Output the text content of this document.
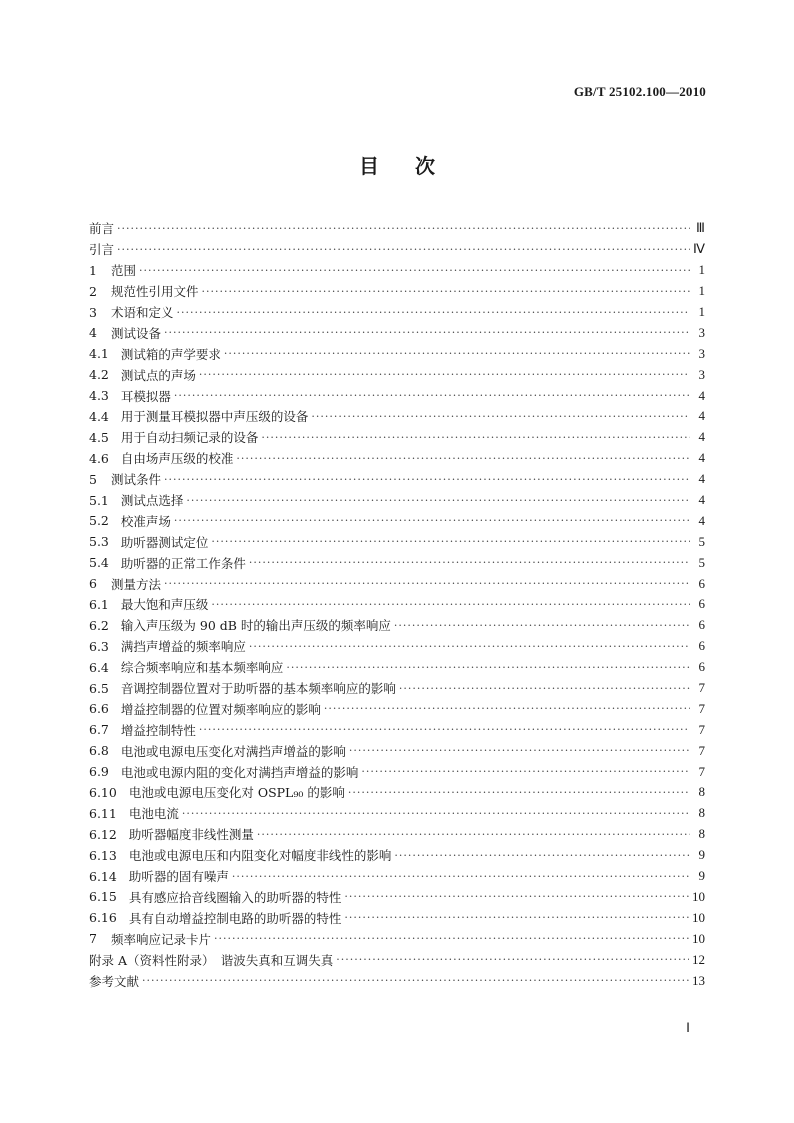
GB/T 25102.100—2010
目 次
前言 ·····	Ⅲ
引言 ·····	Ⅳ
1 范围 ·····	1
2 规范性引用文件 ·····	1
3 术语和定义 ·····	1
4 测试设备 ·····	3
4.1 测试箱的声学要求 ·····	3
4.2 测试点的声场 ·····	3
4.3 耳模拟器 ·····	4
4.4 用于测量耳模拟器中声压级的设备 ·····	4
4.5 用于自动扫频记录的设备 ·····	4
4.6 自由场声压级的校准 ·····	4
5 测试条件 ·····	4
5.1 测试点选择 ·····	4
5.2 校准声场 ·····	4
5.3 助听器测试定位 ·····	5
5.4 助听器的正常工作条件 ·····	5
6 测量方法 ·····	6
6.1 最大饱和声压级 ·····	6
6.2 输入声压级为 90 dB 时的输出声压级的频率响应 ·····	6
6.3 满挡声增益的频率响应 ·····	6
6.4 综合频率响应和基本频率响应 ·····	6
6.5 音调控制器位置对于助听器的基本频率响应的影响 ·····	7
6.6 增益控制器的位置对频率响应的影响 ·····	7
6.7 增益控制特性 ·····	7
6.8 电池或电源电压变化对满挡声增益的影响 ·····	7
6.9 电池或电源内阻的变化对满挡声增益的影响 ·····	7
6.10 电池或电源电压变化对 OSPL₉₀ 的影响 ·····	8
6.11 电池电流 ·····	8
6.12 助听器幅度非线性测量 ·····	8
6.13 电池或电源电压和内阻变化对幅度非线性的影响 ·····	9
6.14 助听器的固有噪声 ·····	9
6.15 具有感应拾音线圈输入的助听器的特性 ·····	10
6.16 具有自动增益控制电路的助听器的特性 ·····	10
7 频率响应记录卡片 ·····	10
附录 A（资料性附录）　谐波失真和互调失真 ·····	12
参考文献 ·····	13
Ⅰ
